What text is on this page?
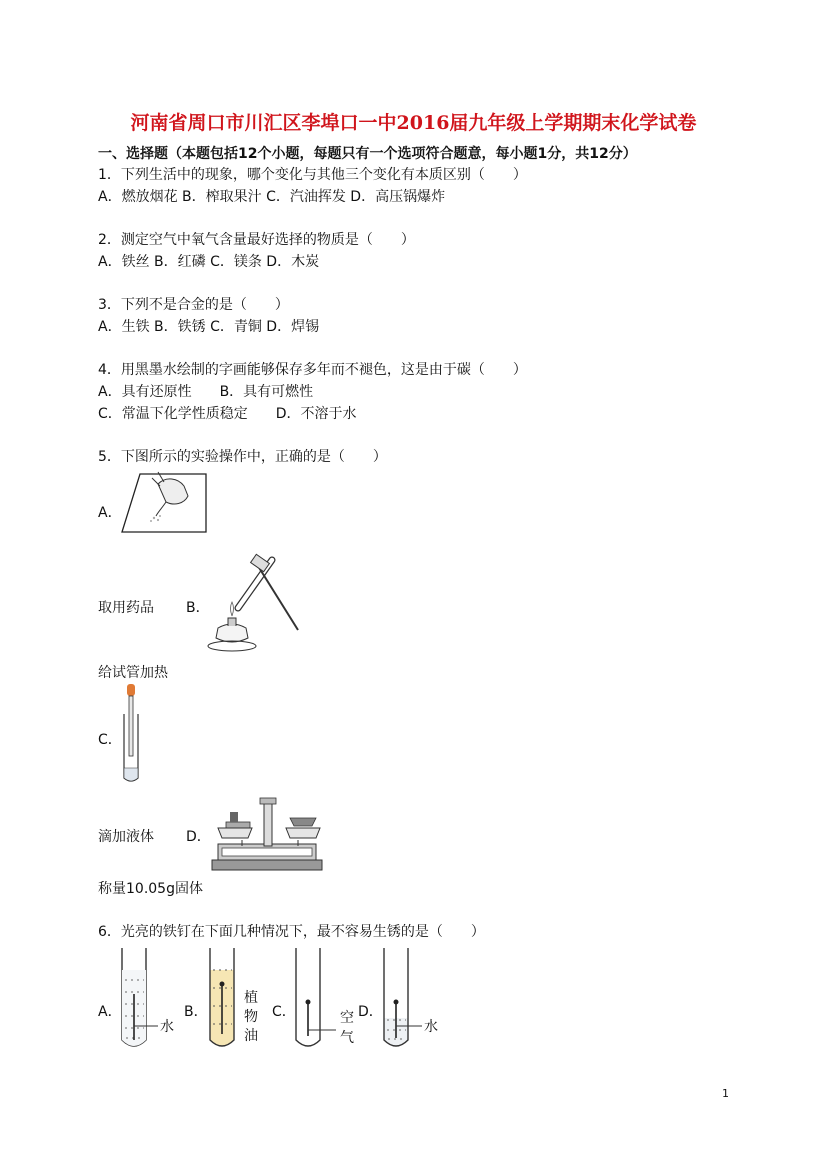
河南省周口市川汇区李埠口一中2016届九年级上学期期末化学试卷
一、选择题（本题包括12个小题，每题只有一个选项符合题意，每小题1分，共12分）
1．下列生活中的现象，哪个变化与其他三个变化有本质区别（　　）
A．燃放烟花 B．榨取果汁 C．汽油挥发 D．高压锅爆炸
2．测定空气中氧气含量最好选择的物质是（　　）
A．铁丝 B．红磷 C．镁条 D．木炭
3．下列不是合金的是（　　）
A．生铁 B．铁锈 C．青铜 D．焊锡
4．用黑墨水绘制的字画能够保存多年而不褪色，这是由于碳（　　）
A．具有还原性　　B．具有可燃性
C．常温下化学性质稳定　　D．不溶于水
5．下图所示的实验操作中，正确的是（　　）
A．
取用药品 B．
给试管加热
C．
滴加液体 D．
称量10.05g固体
6．光亮的铁钉在下面几种情况下，最不容易生锈的是（　　）
A．
水
B．
植
物
油
C．	空
气
D．
水
1
